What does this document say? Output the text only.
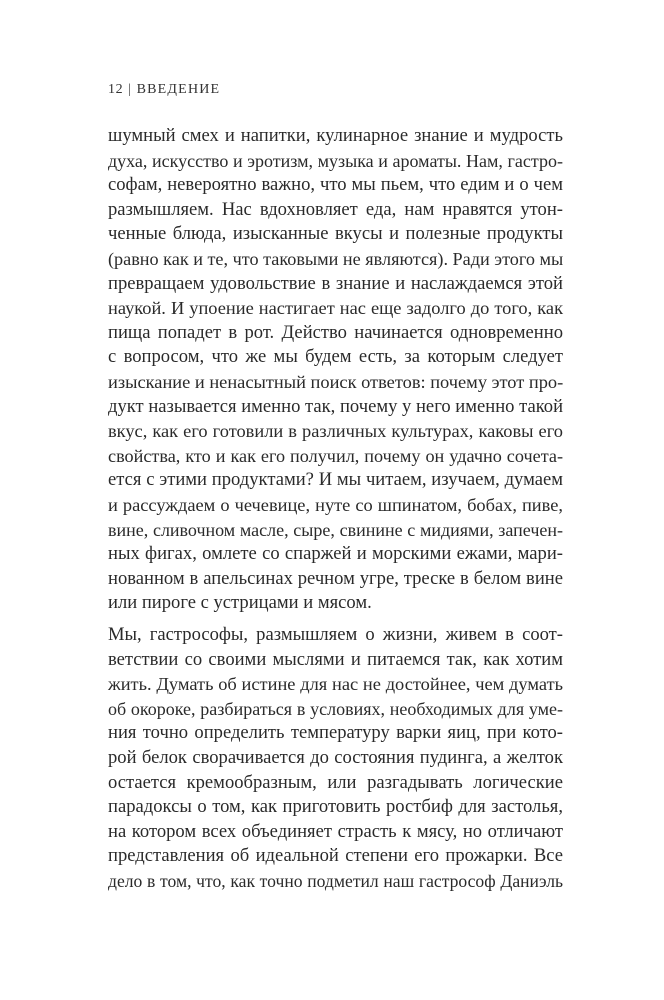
12 | ВВЕДЕНИЕ
шумный смех и напитки, кулинарное знание и мудрость
духа, искусство и эротизм, музыка и ароматы. Нам, гастро-
софам, невероятно важно, что мы пьем, что едим и о чем
размышляем. Нас вдохновляет еда, нам нравятся утон-
ченные блюда, изысканные вкусы и полезные продукты
(равно как и те, что таковыми не являются). Ради этого мы
превращаем удовольствие в знание и наслаждаемся этой
наукой. И упоение настигает нас еще задолго до того, как
пища попадет в рот. Действо начинается одновременно
с вопросом, что же мы будем есть, за которым следует
изыскание и ненасытный поиск ответов: почему этот про-
дукт называется именно так, почему у него именно такой
вкус, как его готовили в различных культурах, каковы его
свойства, кто и как его получил, почему он удачно сочета-
ется с этими продуктами? И мы читаем, изучаем, думаем
и рассуждаем о чечевице, нуте со шпинатом, бобах, пиве,
вине, сливочном масле, сыре, свинине с мидиями, запечен-
ных фигах, омлете со спаржей и морскими ежами, мари-
нованном в апельсинах речном угре, треске в белом вине
или пироге с устрицами и мясом.
Мы, гастрософы, размышляем о жизни, живем в соот-
ветствии со своими мыслями и питаемся так, как хотим
жить. Думать об истине для нас не достойнее, чем думать
об окороке, разбираться в условиях, необходимых для уме-
ния точно определить температуру варки яиц, при кото-
рой белок сворачивается до состояния пудинга, а желток
остается кремообразным, или разгадывать логические
парадоксы о том, как приготовить ростбиф для застолья,
на котором всех объединяет страсть к мясу, но отличают
представления об идеальной степени его прожарки. Все
дело в том, что, как точно подметил наш гастрософ Даниэль
